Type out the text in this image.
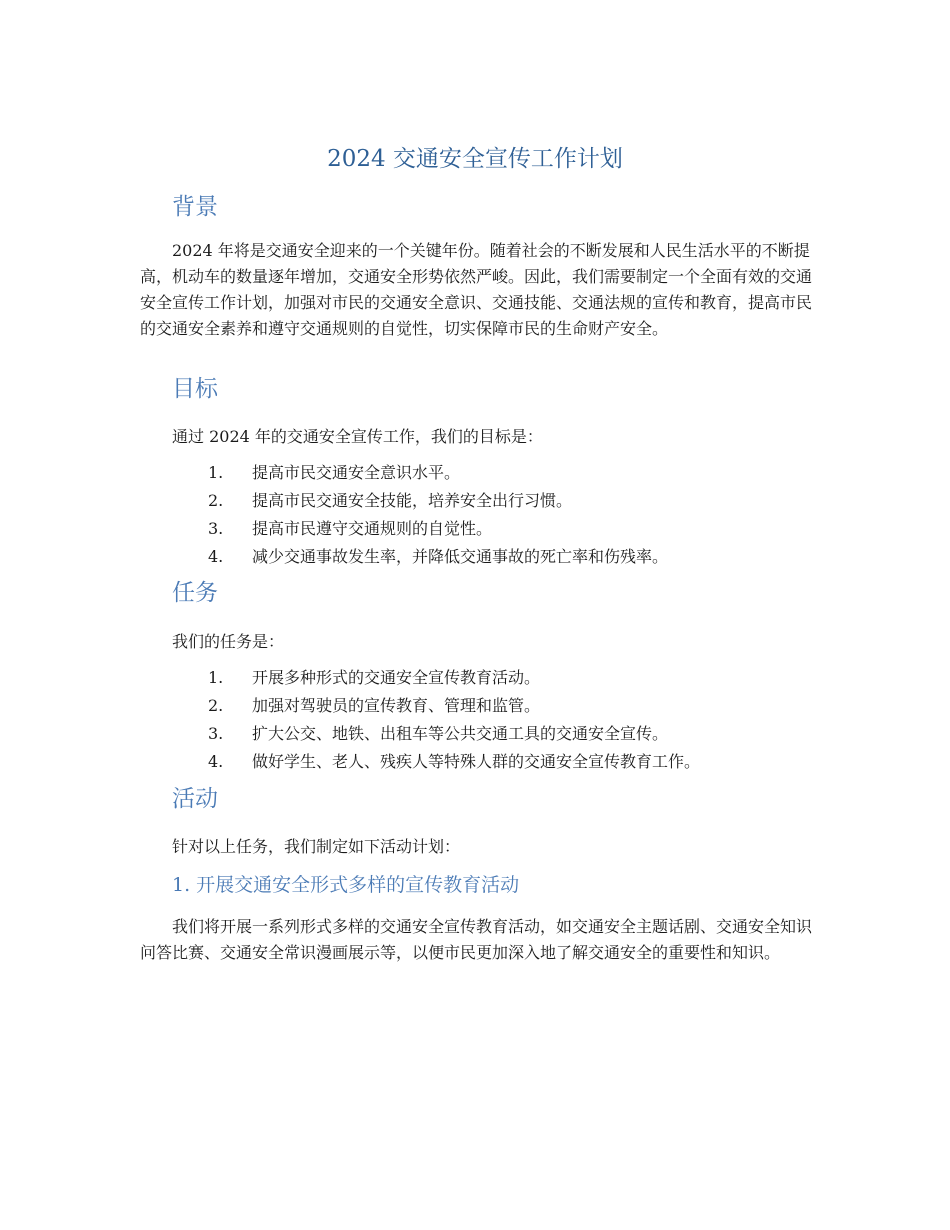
2024 交通安全宣传工作计划
背景

2024 年将是交通安全迎来的一个关键年份。随着社会的不断发展和人民生活水平的不断提高，机动车的数量逐年增加，交通安全形势依然严峻。因此，我们需要制定一个全面有效的交通安全宣传工作计划，加强对市民的交通安全意识、交通技能、交通法规的宣传和教育，提高市民的交通安全素养和遵守交通规则的自觉性，切实保障市民的生命财产安全。

目标

通过 2024 年的交通安全宣传工作，我们的目标是：

1. 提高市民交通安全意识水平。
2. 提高市民交通安全技能，培养安全出行习惯。
3. 提高市民遵守交通规则的自觉性。
4. 减少交通事故发生率，并降低交通事故的死亡率和伤残率。
任务

我们的任务是：

1. 开展多种形式的交通安全宣传教育活动。
2. 加强对驾驶员的宣传教育、管理和监管。
3. 扩大公交、地铁、出租车等公共交通工具的交通安全宣传。
4. 做好学生、老人、残疾人等特殊人群的交通安全宣传教育工作。
活动

针对以上任务，我们制定如下活动计划：

1. 开展交通安全形式多样的宣传教育活动

我们将开展一系列形式多样的交通安全宣传教育活动，如交通安全主题话剧、交通安全知识问答比赛、交通安全常识漫画展示等，以便市民更加深入地了解交通安全的重要性和知识。
